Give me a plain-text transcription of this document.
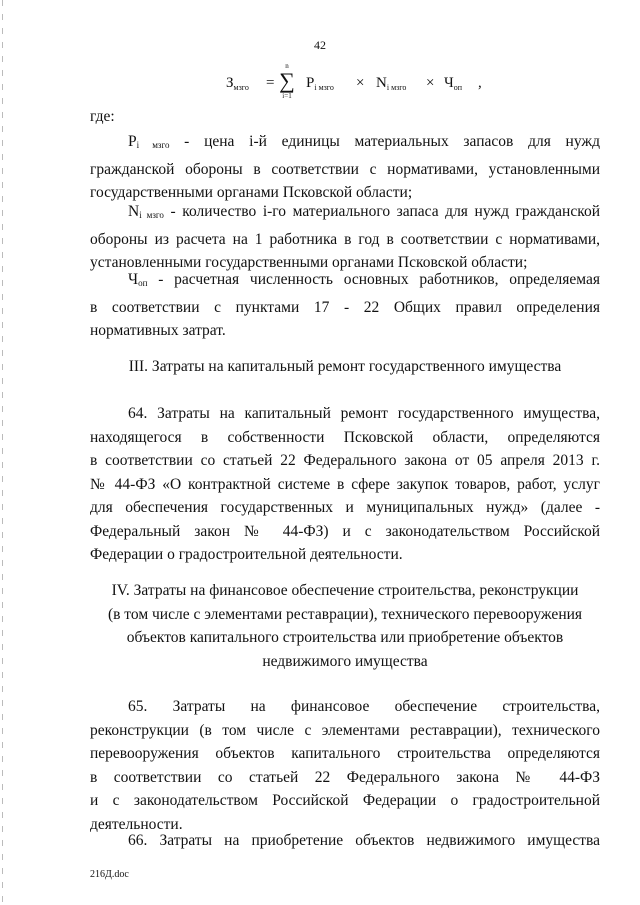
42
$З_{мзго}$ =
n
∑
i=1
$P_{i мзго} \times N_{i мзго} \times Ч_{оп}$ ,
где:
Pi мзго - цена i-й единицы материальных запасов для нужд
гражданской обороны в соответствии с нормативами, установленными
государственными органами Псковской области;
Ni мзго - количество i-го материального запаса для нужд гражданской
обороны из расчета на 1 работника в год в соответствии с нормативами,
установленными государственными органами Псковской области;
Чоп - расчетная численность основных работников, определяемая
в соответствии с пунктами 17 - 22 Общих правил определения
нормативных затрат.
III. Затраты на капитальный ремонт государственного имущества
64. Затраты на капитальный ремонт государственного имущества,
находящегося в собственности Псковской области, определяются
в соответствии со статьей 22 Федерального закона от 05 апреля 2013 г.
№ 44-ФЗ «О контрактной системе в сфере закупок товаров, работ, услуг
для обеспечения государственных и муниципальных нужд» (далее -
Федеральный закон № 44-ФЗ) и с законодательством Российской
Федерации о градостроительной деятельности.
IV. Затраты на финансовое обеспечение строительства, реконструкции
(в том числе с элементами реставрации), технического перевооружения
объектов капитального строительства или приобретение объектов
недвижимого имущества
65. Затраты на финансовое обеспечение строительства,
реконструкции (в том числе с элементами реставрации), технического
перевооружения объектов капитального строительства определяются
в соответствии со статьей 22 Федерального закона № 44-ФЗ
и с законодательством Российской Федерации о градостроительной
деятельности.
66. Затраты на приобретение объектов недвижимого имущества
216Д.doc
